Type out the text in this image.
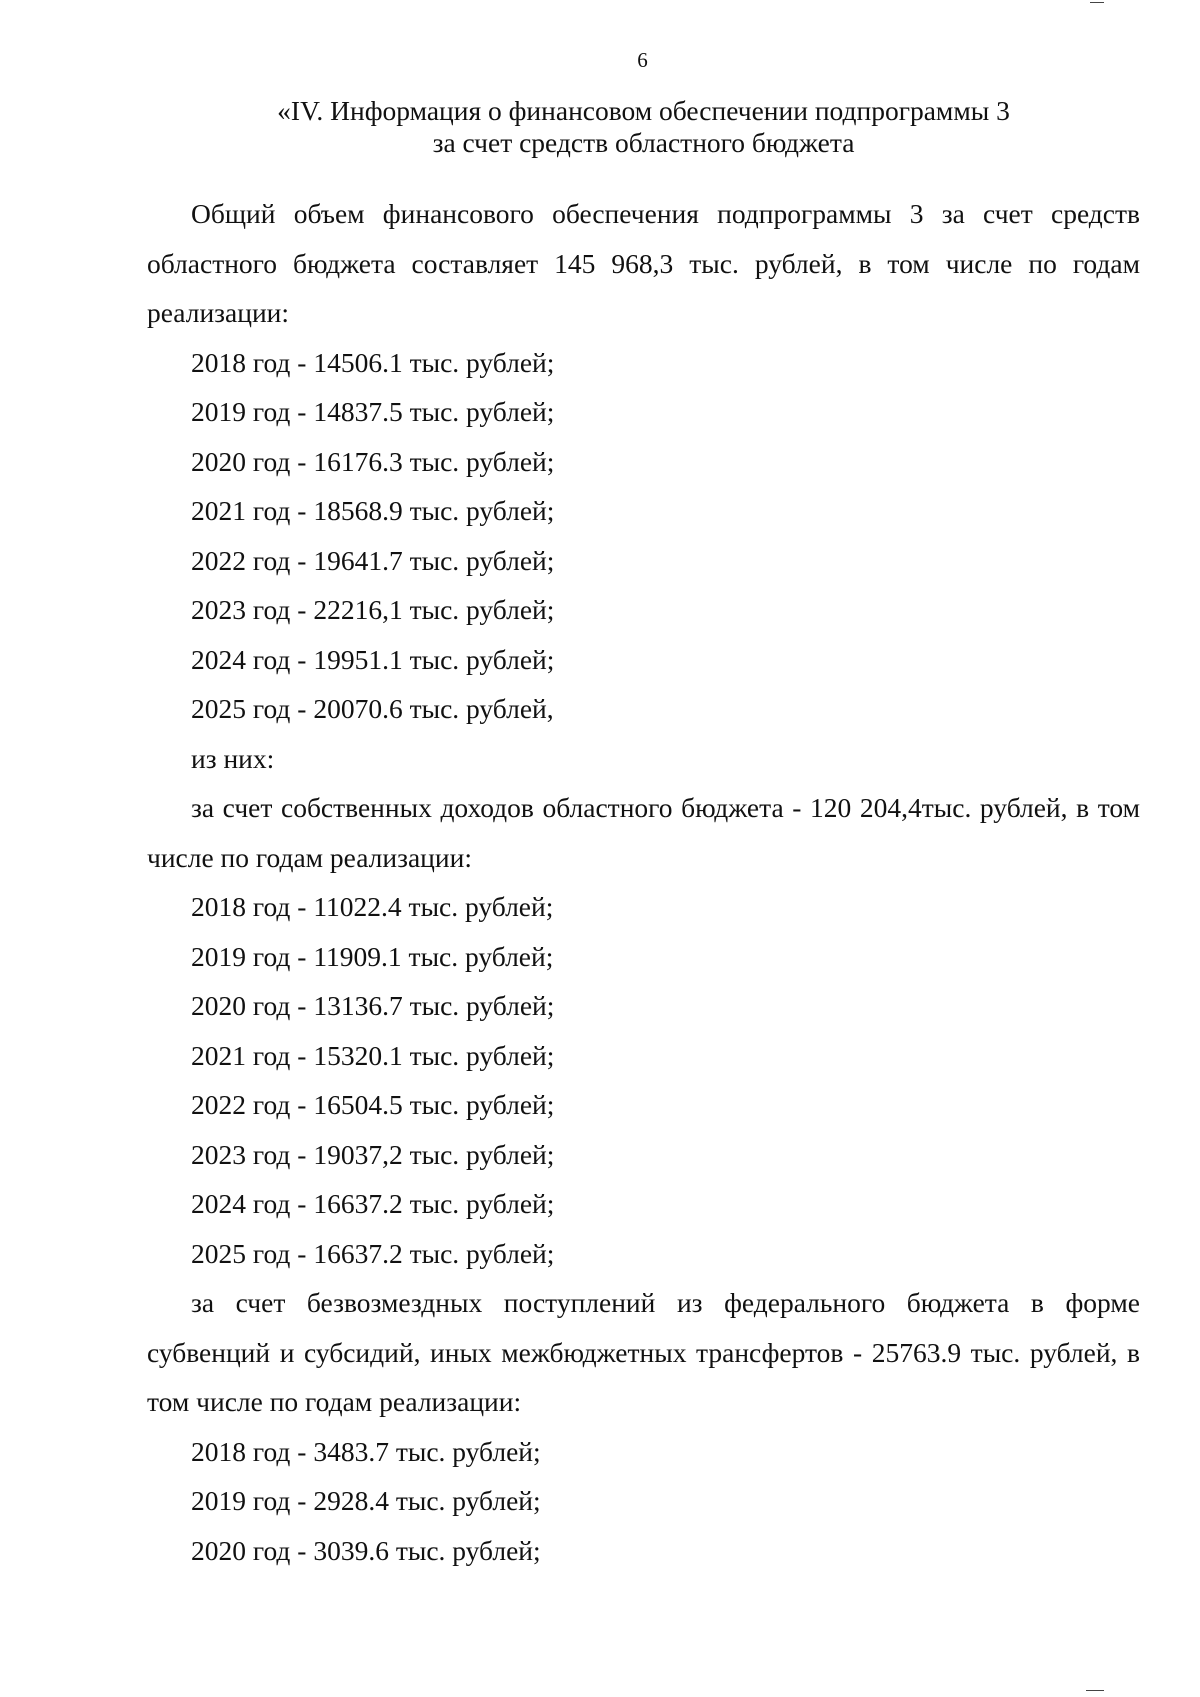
6

«IV. Информация о финансовом обеспечении подпрограммы 3
за счет средств областного бюджета

Общий объем финансового обеспечения подпрограммы 3 за счет средств областного бюджета составляет 145 968,3 тыс. рублей, в том числе по годам реализации:

2018 год - 14506.1 тыс. рублей;

2019 год - 14837.5 тыс. рублей;

2020 год - 16176.3 тыс. рублей;

2021 год - 18568.9 тыс. рублей;

2022 год - 19641.7 тыс. рублей;

2023 год - 22216,1 тыс. рублей;

2024 год - 19951.1 тыс. рублей;

2025 год - 20070.6 тыс. рублей,

из них:

за счет собственных доходов областного бюджета - 120 204,4тыс. рублей, в том числе по годам реализации:

2018 год - 11022.4 тыс. рублей;

2019 год - 11909.1 тыс. рублей;

2020 год - 13136.7 тыс. рублей;

2021 год - 15320.1 тыс. рублей;

2022 год - 16504.5 тыс. рублей;

2023 год - 19037,2 тыс. рублей;

2024 год - 16637.2 тыс. рублей;

2025 год - 16637.2 тыс. рублей;

за счет безвозмездных поступлений из федерального бюджета в форме субвенций и субсидий, иных межбюджетных трансфертов - 25763.9 тыс. рублей, в том числе по годам реализации:

2018 год - 3483.7 тыс. рублей;

2019 год - 2928.4 тыс. рублей;

2020 год - 3039.6 тыс. рублей;
